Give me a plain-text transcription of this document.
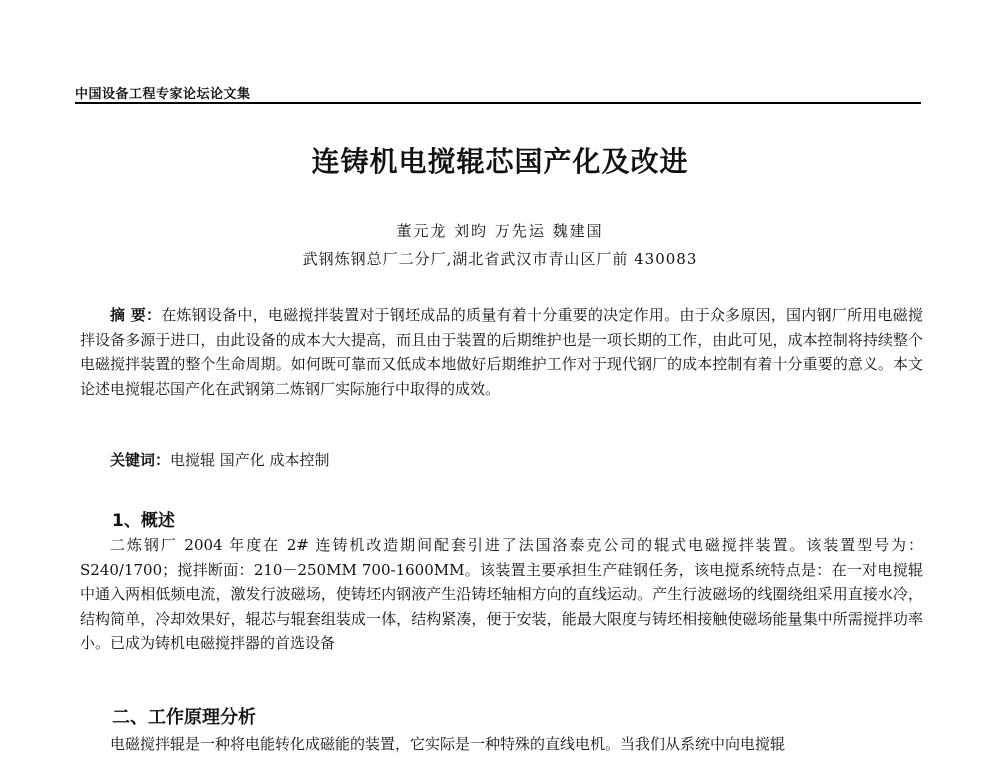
中国设备工程专家论坛论文集
连铸机电搅辊芯国产化及改进
董元龙 刘昀 万先运 魏建国
武钢炼钢总厂二分厂,湖北省武汉市青山区厂前 430083
摘 要：在炼钢设备中，电磁搅拌装置对于钢坯成品的质量有着十分重要的决定作用。由于众多原因，国内钢厂所用电磁搅拌设备多源于进口，由此设备的成本大大提高，而且由于装置的后期维护也是一项长期的工作，由此可见，成本控制将持续整个电磁搅拌装置的整个生命周期。如何既可靠而又低成本地做好后期维护工作对于现代钢厂的成本控制有着十分重要的意义。本文论述电搅辊芯国产化在武钢第二炼钢厂实际施行中取得的成效。
关键词：电搅辊 国产化 成本控制
1、概述
二炼钢厂 2004 年度在 2# 连铸机改造期间配套引进了法国洛泰克公司的辊式电磁搅拌装置。该装置型号为：S240/1700；搅拌断面：210－250MM 700-1600MM。该装置主要承担生产硅钢任务，该电搅系统特点是：在一对电搅辊中通入两相低频电流，激发行波磁场，使铸坯内钢液产生沿铸坯轴相方向的直线运动。产生行波磁场的线圈绕组采用直接水冷，结构简单，冷却效果好，辊芯与辊套组装成一体，结构紧凑，便于安装，能最大限度与铸坯相接触使磁场能量集中所需搅拌功率小。已成为铸机电磁搅拌器的首选设备
二、工作原理分析
电磁搅拌辊是一种将电能转化成磁能的装置，它实际是一种特殊的直线电机。当我们从系统中向电搅辊
